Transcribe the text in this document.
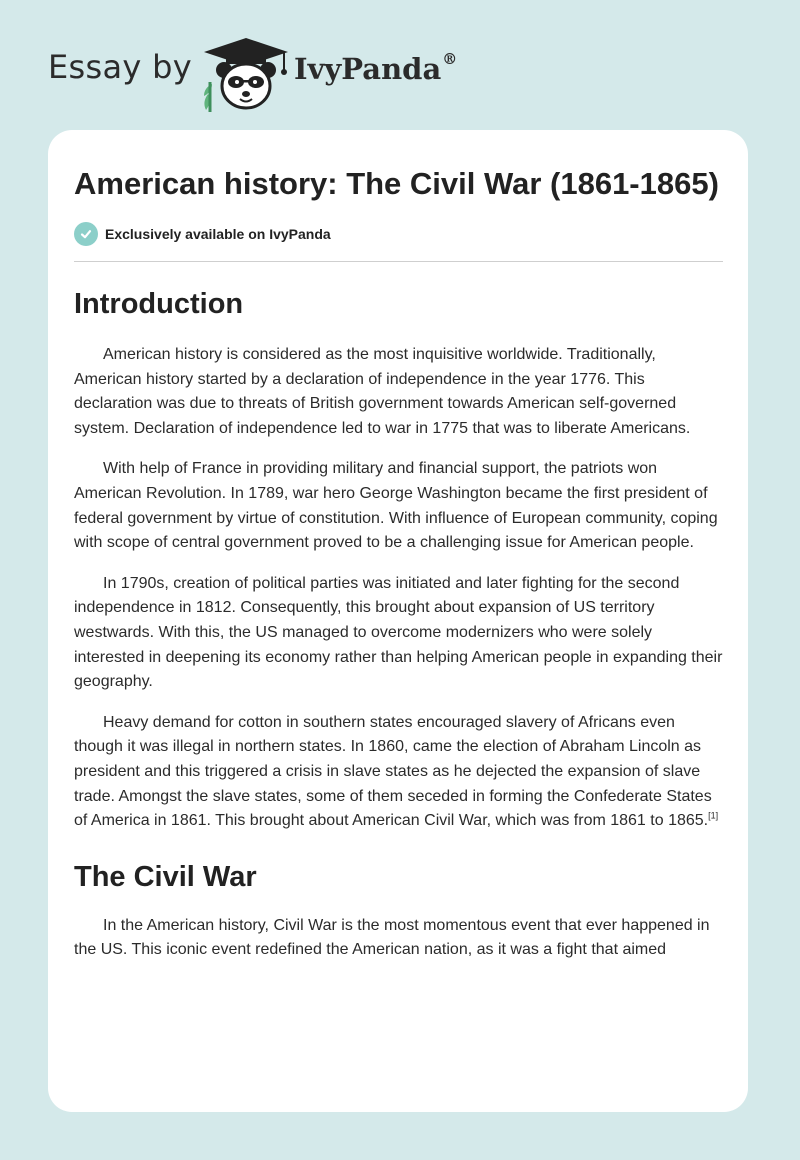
Essay by	IvyPanda®
American history: The Civil War (1861-1865)
Exclusively available on IvyPanda
Introduction

American history is considered as the most inquisitive worldwide. Traditionally, American history started by a declaration of independence in the year 1776. This declaration was due to threats of British government towards American self-governed system. Declaration of independence led to war in 1775 that was to liberate Americans.

With help of France in providing military and financial support, the patriots won American Revolution. In 1789, war hero George Washington became the first president of federal government by virtue of constitution. With influence of European community, coping with scope of central government proved to be a challenging issue for American people.

In 1790s, creation of political parties was initiated and later fighting for the second independence in 1812. Consequently, this brought about expansion of US territory westwards. With this, the US managed to overcome modernizers who were solely interested in deepening its economy rather than helping American people in expanding their geography.

Heavy demand for cotton in southern states encouraged slavery of Africans even though it was illegal in northern states. In 1860, came the election of Abraham Lincoln as president and this triggered a crisis in slave states as he dejected the expansion of slave trade. Amongst the slave states, some of them seceded in forming the Confederate States of America in 1861. This brought about American Civil War, which was from 1861 to 1865.[1]

The Civil War

In the American history, Civil War is the most momentous event that ever happened in the US. This iconic event redefined the American nation, as it was a fight that aimed
